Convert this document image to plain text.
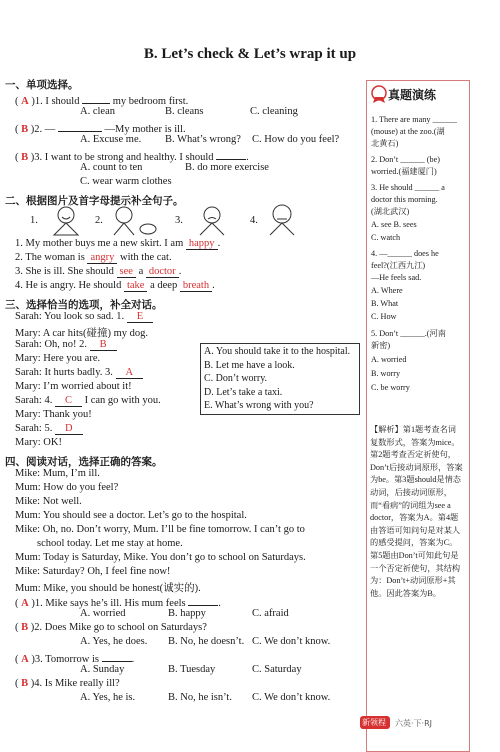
B. Let’s check & Let’s wrap it up
一、单项选择。
( A )1. I should	my bedroom first.
A. clean	B. cleans	C. cleaning
( B )2. —	—My mother is ill.
A. Excuse me. B. What’s wrong? C. How do you feel?
( B )3. I want to be strong and healthy. I should	.
A. count to ten	B. do more exercise
C. wear warm clothes
二、根据图片及首字母提示补全句子。
1.	2.	3.	4.
1. My mother buys me a new skirt. I am happy .
2. The woman is angry with the cat.
3. She is ill. She should see a doctor .
4. He is angry. He should take a deep breath .
三、选择恰当的选项，补全对话。
Sarah: You look so sad. 1. E
Mary: A car hits(碰撞) my dog.
Sarah: Oh, no! 2. B
Mary: Here you are.
Sarah: It hurts badly. 3. A
Mary: I’m worried about it!
Sarah: 4. C I can go with you.
Mary: Thank you!
Sarah: 5. D
Mary: OK!
A. You should take it to the hospital.
B. Let me have a look.
C. Don’t worry.
D. Let’s take a taxi.
E. What’s wrong with you?
四、阅读对话，选择正确的答案。
Mike: Mum, I’m ill.
Mum: How do you feel?
Mike: Not well.
Mum: You should see a doctor. Let’s go to the hospital.
Mike: Oh, no. Don’t worry, Mum. I’ll be fine tomorrow. I can’t go to
school today. Let me stay at home.
Mum: Today is Saturday, Mike. You don’t go to school on Saturdays.
Mike: Saturday? Oh, I feel fine now!
Mum: Mike, you should be honest(诚实的).
( A )1. Mike says he’s ill. His mum feels	.
A. worried	B. happy	C. afraid
( B )2. Does Mike go to school on Saturdays?
A. Yes, he does. B. No, he doesn’t. C. We don’t know.
( A )3. Tomorrow is	.
A. Sunday	B. Tuesday	C. Saturday
( B )4. Is Mike really ill?
A. Yes, he is.	B. No, he isn’t. C. We don’t know.
1. There are many ______
(mouse) at the zoo.(湖
北黄石)
2. Don’t ______ (be)
worried.(福建厦门)
3. He should ______ a
doctor this morning.
(湖北武汉)
A. see B. sees
C. watch
4. —______ does he
feel?(江西九江)
—He feels sad.
A. Where
B. What
C. How
5. Don’t ______.(河南
新密)
A. worried
B. worry
C. be worry
真题演练
【解析】第1题考查名词复数形式，答案为mice。第2题考查否定祈使句，Don’t后接动词原形，答案为be。第3题should是情态动词，后接动词原形，而“看病”的词组为see a doctor，答案为A。第4题由答语可知问句是对某人的感受提问，答案为C。第5题由Don’t可知此句是一个否定祈使句，其结构为：Don’t+动词原形+其他。因此答案为B。
新领程 六英·下·RJ
